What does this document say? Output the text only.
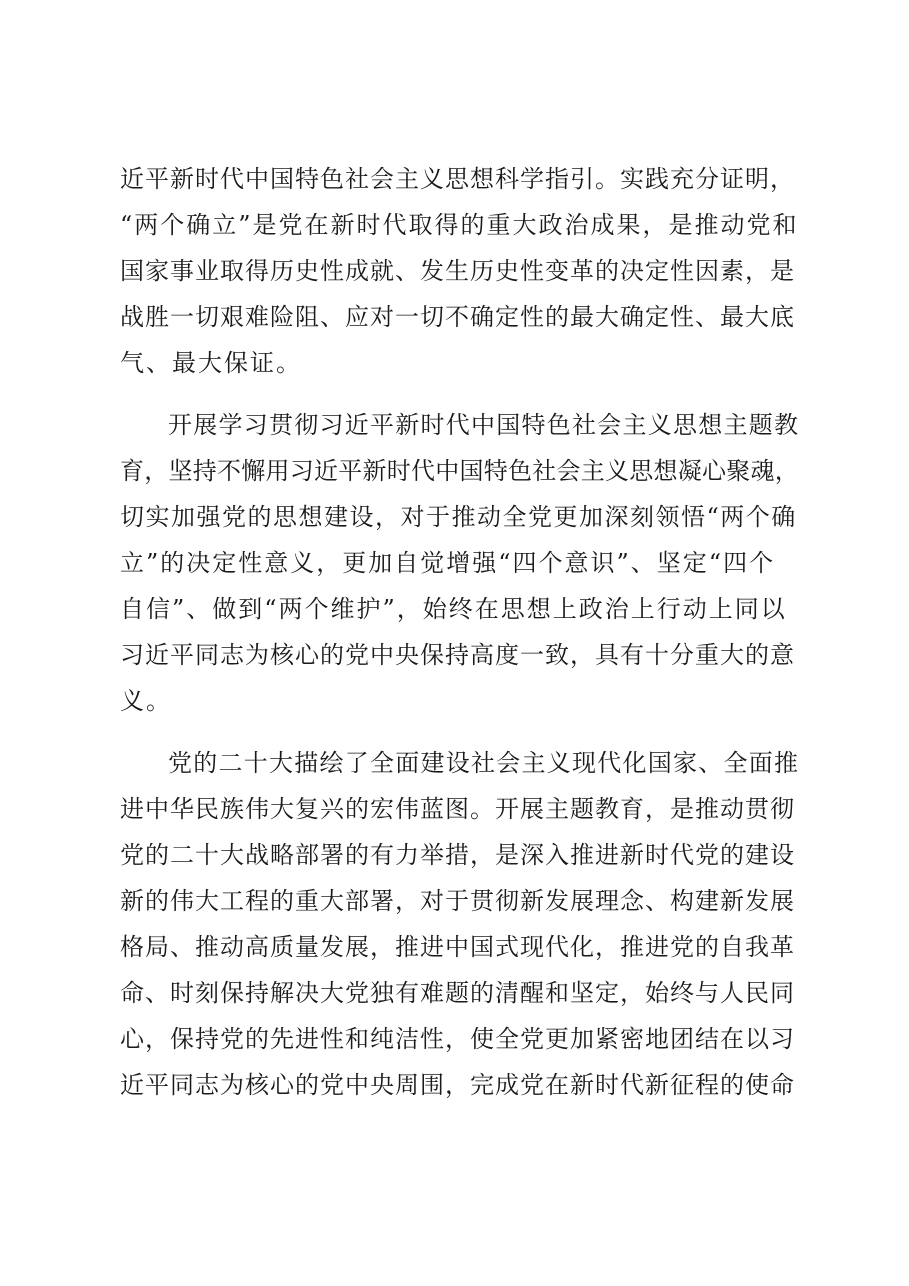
近平新时代中国特色社会主义思想科学指引。实践充分证明，
“两个确立”是党在新时代取得的重大政治成果，是推动党和
国家事业取得历史性成就、发生历史性变革的决定性因素，是
战胜一切艰难险阻、应对一切不确定性的最大确定性、最大底
气、最大保证。
开展学习贯彻习近平新时代中国特色社会主义思想主题教
育，坚持不懈用习近平新时代中国特色社会主义思想凝心聚魂，
切实加强党的思想建设，对于推动全党更加深刻领悟“两个确
立”的决定性意义，更加自觉增强“四个意识”、坚定“四个
自信”、做到“两个维护”，始终在思想上政治上行动上同以
习近平同志为核心的党中央保持高度一致，具有十分重大的意
义。
党的二十大描绘了全面建设社会主义现代化国家、全面推
进中华民族伟大复兴的宏伟蓝图。开展主题教育，是推动贯彻
党的二十大战略部署的有力举措，是深入推进新时代党的建设
新的伟大工程的重大部署，对于贯彻新发展理念、构建新发展
格局、推动高质量发展，推进中国式现代化，推进党的自我革
命、时刻保持解决大党独有难题的清醒和坚定，始终与人民同
心，保持党的先进性和纯洁性，使全党更加紧密地团结在以习
近平同志为核心的党中央周围，完成党在新时代新征程的使命
